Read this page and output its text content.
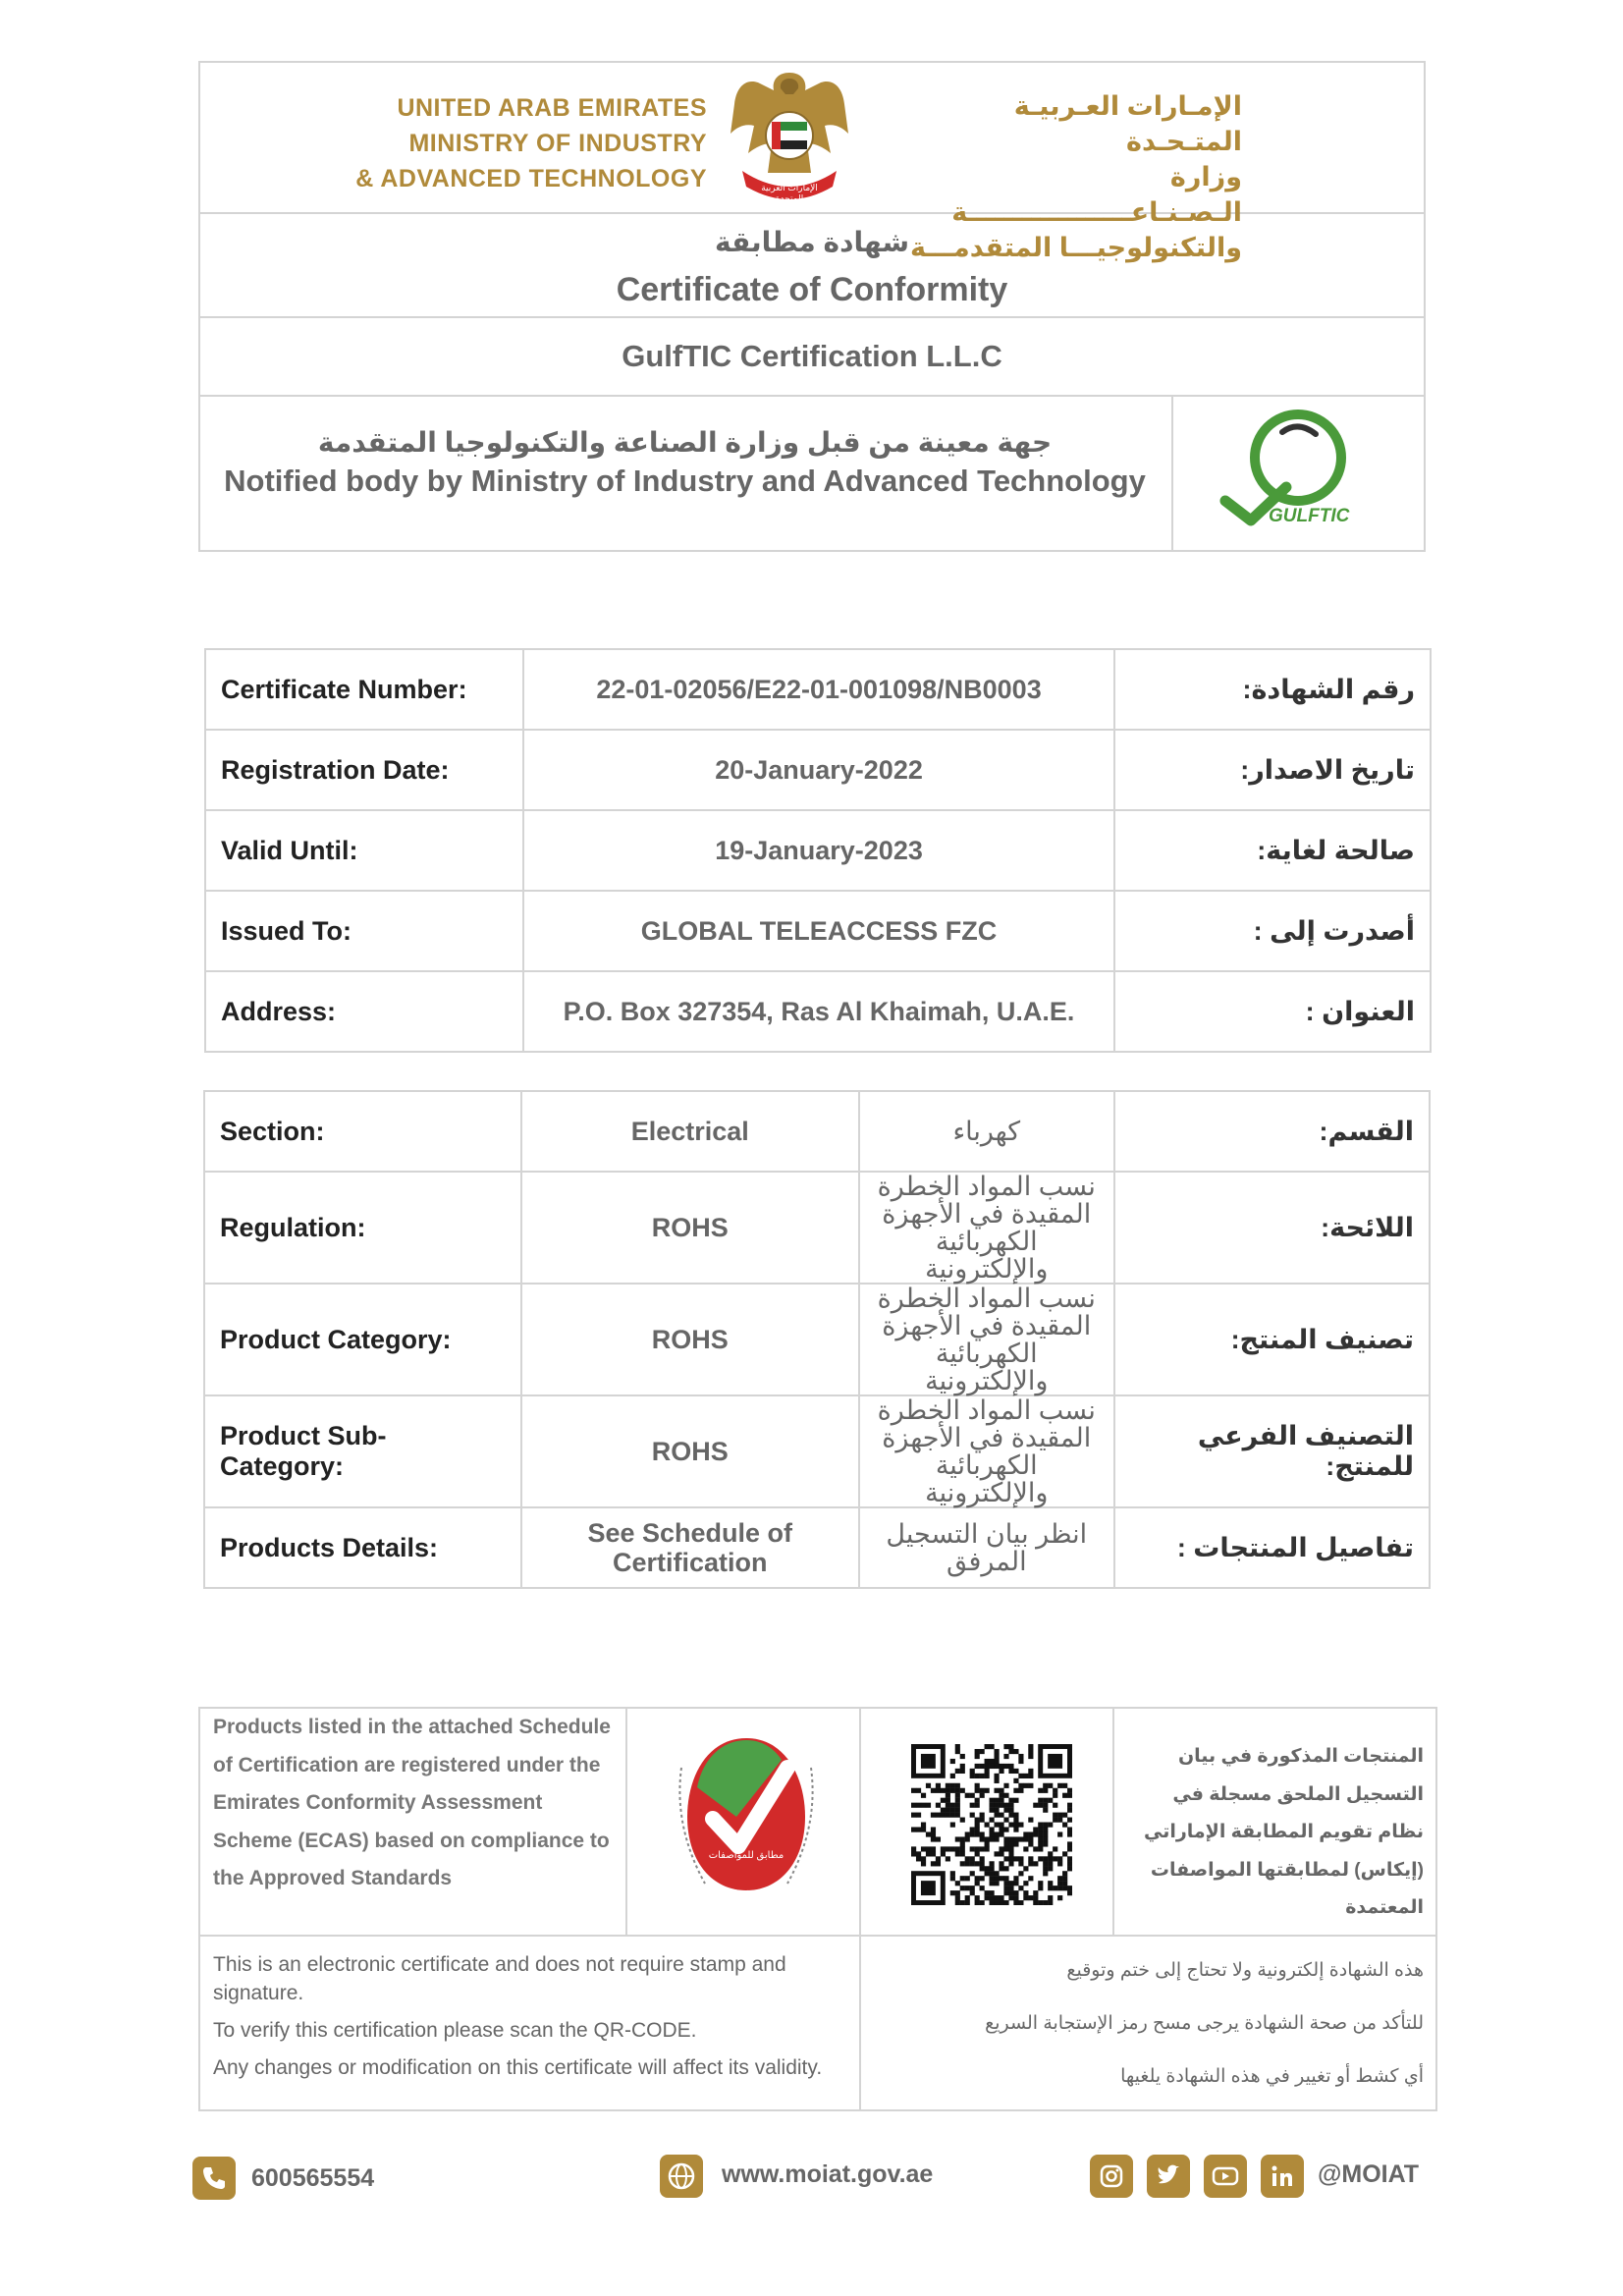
UNITED ARAB EMIRATES
MINISTRY OF INDUSTRY
& ADVANCED TECHNOLOGY	الإمارات العربية المتحدة
الإمـارات العـربيـة المتـحـدة
وزارة الـصـنـاعــــــــــــــــــة
والتكنولوجيـــا المتقدمـــة
شهادة مطابقة
Certificate of Conformity
GulfTIC Certification L.L.C
جهة معينة من قبل وزارة الصناعة والتكنولوجيا المتقدمة
Notified body by Ministry of Industry and Advanced Technology
GULFTIC
Certificate Number:	22-01-02056/E22-01-001098/NB0003	رقم الشهادة:
Registration Date:	20-January-2022	تاريخ الاصدار:
Valid Until:	19-January-2023	صالحة لغاية:
Issued To:	GLOBAL TELEACCESS FZC	أصدرت إلى :
Address:	P.O. Box 327354, Ras Al Khaimah, U.A.E.	العنوان :
Section:	Electrical	كهرباء	القسم:
Regulation:	ROHS	نسب المواد الخطرة المقيدة في الأجهزة الكهربائية والإلكترونية	اللائحة:
Product Category:	ROHS	نسب المواد الخطرة المقيدة في الأجهزة الكهربائية والإلكترونية	تصنيف المنتج:
Product Sub-Category:	ROHS	نسب المواد الخطرة المقيدة في الأجهزة الكهربائية والإلكترونية	التصنيف الفرعي للمنتج:
Products Details:	See Schedule of Certification	انظر بيان التسجيل المرفق	تفاصيل المنتجات :
Products listed in the attached Schedule of Certification are registered under the Emirates Conformity Assessment Scheme (ECAS) based on compliance to the Approved Standards
مطابق للمواصفات
المنتجات المذكورة في بيان التسجيل الملحق مسجلة في نظام تقويم المطابقة الإماراتي (إيكاس) لمطابقتها المواصفات المعتمدة
This is an electronic certificate and does not require stamp and signature.
To verify this certification please scan the QR-CODE.
Any changes or modification on this certificate will affect its validity.
هذه الشهادة إلكترونية ولا تحتاج إلى ختم وتوقيع
للتأكد من صحة الشهادة يرجى مسح رمز الإستجابة السريع
أي كشط أو تغيير في هذه الشهادة يلغيها
600565554	www.moiat.gov.ae	@MOIAT
